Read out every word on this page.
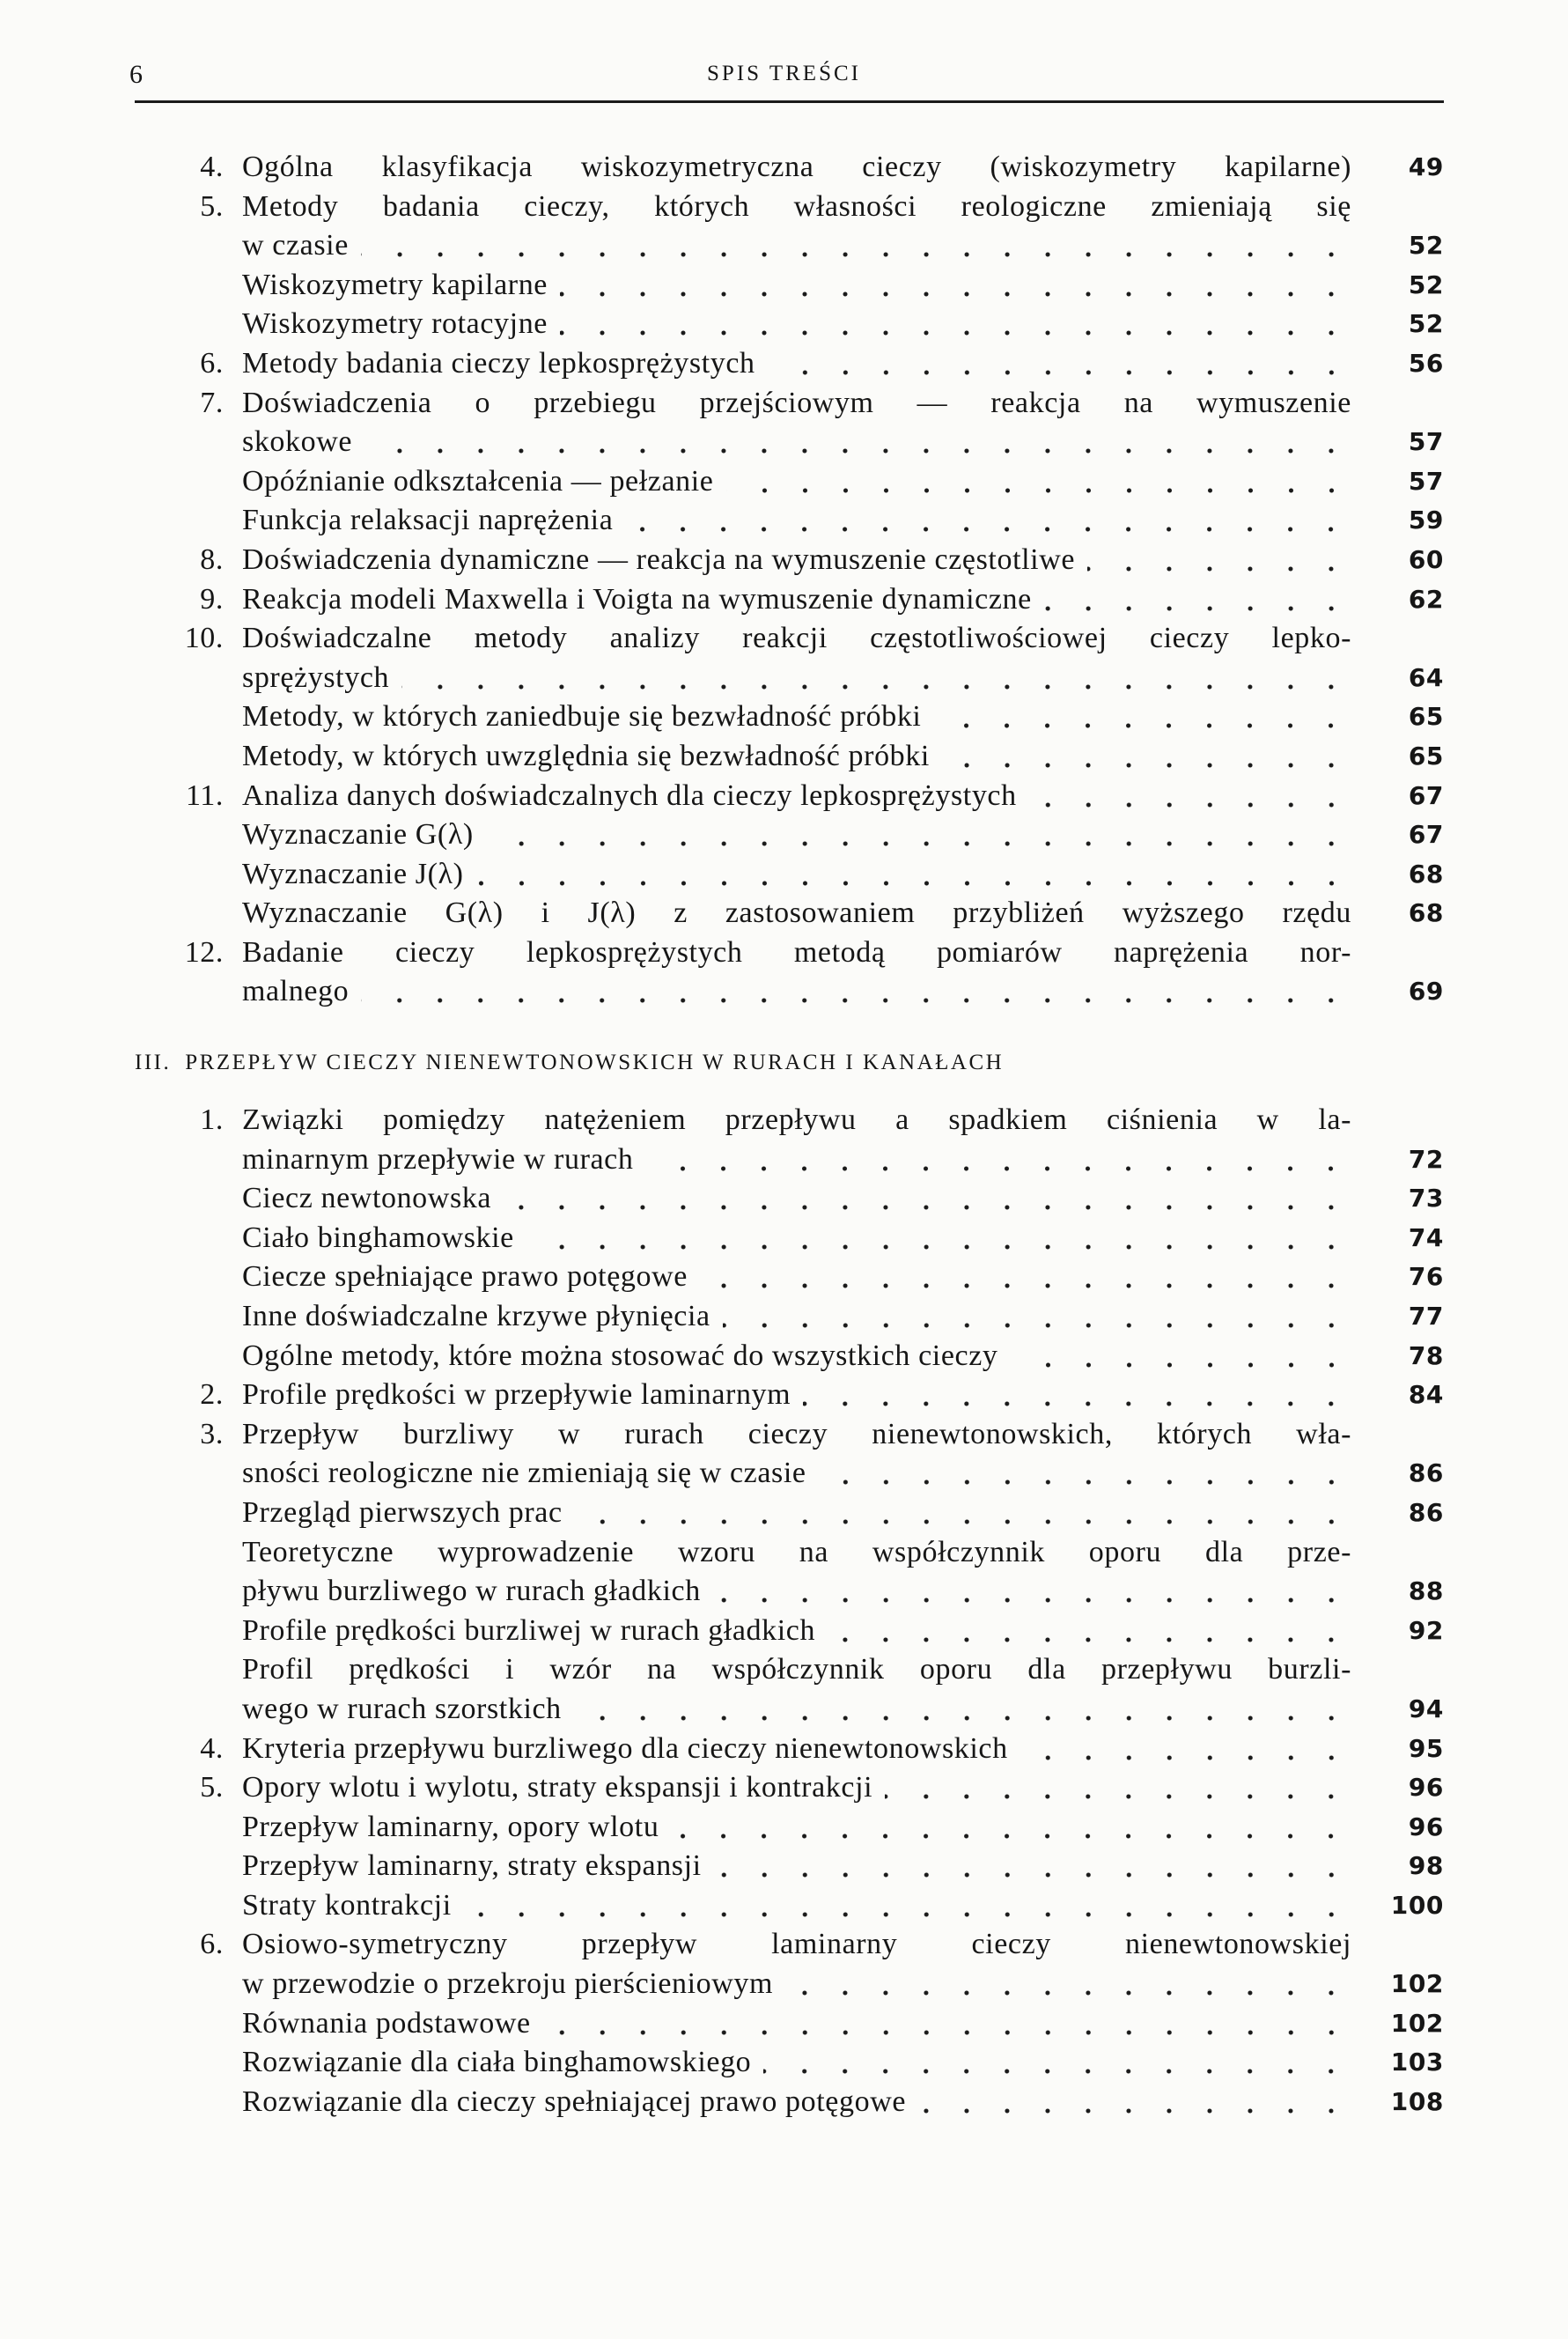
6	SPIS TREŚCI
4. Ogólna klasyfikacja wiskozymetryczna cieczy (wiskozymetry kapilarne)	49
5. Metody badania cieczy, których własności reologiczne zmieniają się
w czasie	52
Wiskozymetry kapilarne	52
Wiskozymetry rotacyjne	52
6. Metody badania cieczy lepkosprężystych	56
7. Doświadczenia o przebiegu przejściowym — reakcja na wymuszenie
skokowe	57
Opóźnianie odkształcenia — pełzanie	57
Funkcja relaksacji naprężenia	59
8. Doświadczenia dynamiczne — reakcja na wymuszenie częstotliwe	60
9. Reakcja modeli Maxwella i Voigta na wymuszenie dynamiczne	62
10. Doświadczalne metody analizy reakcji częstotliwościowej cieczy lepko-
sprężystych	64
Metody, w których zaniedbuje się bezwładność próbki	65
Metody, w których uwzględnia się bezwładność próbki	65
11. Analiza danych doświadczalnych dla cieczy lepkosprężystych	67
Wyznaczanie G(λ)	67
Wyznaczanie J(λ)	68
Wyznaczanie G(λ) i J(λ) z zastosowaniem przybliżeń wyższego rzędu	68
12. Badanie cieczy lepkosprężystych metodą pomiarów naprężenia nor-
malnego	69
III. PRZEPŁYW CIECZY NIENEWTONOWSKICH W RURACH I KANAŁACH
1. Związki pomiędzy natężeniem przepływu a spadkiem ciśnienia w la-
minarnym przepływie w rurach	72
Ciecz newtonowska	73
Ciało binghamowskie	74
Ciecze spełniające prawo potęgowe	76
Inne doświadczalne krzywe płynięcia	77
Ogólne metody, które można stosować do wszystkich cieczy	78
2. Profile prędkości w przepływie laminarnym	84
3. Przepływ burzliwy w rurach cieczy nienewtonowskich, których wła-
sności reologiczne nie zmieniają się w czasie	86
Przegląd pierwszych prac	86
Teoretyczne wyprowadzenie wzoru na współczynnik oporu dla prze-
pływu burzliwego w rurach gładkich	88
Profile prędkości burzliwej w rurach gładkich	92
Profil prędkości i wzór na współczynnik oporu dla przepływu burzli-
wego w rurach szorstkich	94
4. Kryteria przepływu burzliwego dla cieczy nienewtonowskich	95
5. Opory wlotu i wylotu, straty ekspansji i kontrakcji	96
Przepływ laminarny, opory wlotu	96
Przepływ laminarny, straty ekspansji	98
Straty kontrakcji	100
6. Osiowo-symetryczny przepływ laminarny cieczy nienewtonowskiej
w przewodzie o przekroju pierścieniowym	102
Równania podstawowe	102
Rozwiązanie dla ciała binghamowskiego	103
Rozwiązanie dla cieczy spełniającej prawo potęgowe	108
